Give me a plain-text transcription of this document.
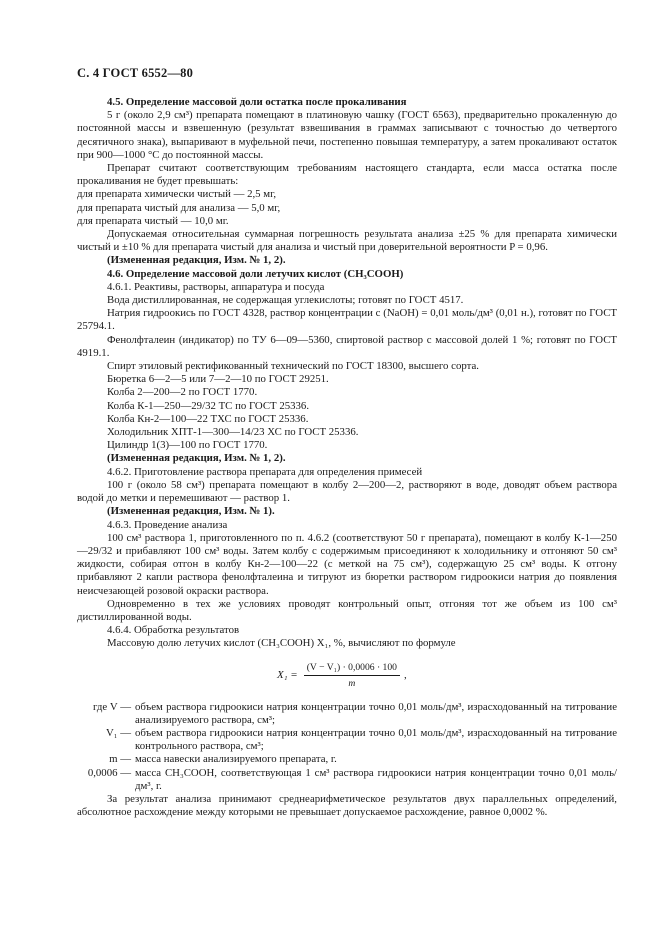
С. 4 ГОСТ 6552—80

4.5. Определение массовой доли остатка после прокаливания

5 г (около 2,9 см³) препарата помещают в платиновую чашку (ГОСТ 6563), предварительно прокаленную до постоянной массы и взвешенную (результат взвешивания в граммах записывают с точностью до четвертого десятичного знака), выпаривают в муфельной печи, постепенно повышая температуру, а затем прокаливают остаток при 900—1000 °С до постоянной массы.

Препарат считают соответствующим требованиям настоящего стандарта, если масса остатка после прокаливания не будет превышать:

для препарата химически чистый — 2,5 мг,

для препарата чистый для анализа — 5,0 мг,

для препарата чистый — 10,0 мг.

Допускаемая относительная суммарная погрешность результата анализа ±25 % для препарата химически чистый и ±10 % для препарата чистый для анализа и чистый при доверительной вероятности P = 0,96.

(Измененная редакция, Изм. № 1, 2).

4.6. Определение массовой доли летучих кислот (CH₃COOH)

4.6.1. Реактивы, растворы, аппаратура и посуда

Вода дистиллированная, не содержащая углекислоты; готовят по ГОСТ 4517.

Натрия гидроокись по ГОСТ 4328, раствор концентрации c (NaOH) = 0,01 моль/дм³ (0,01 н.), готовят по ГОСТ 25794.1.

Фенолфталеин (индикатор) по ТУ 6—09—5360, спиртовой раствор с массовой долей 1 %; готовят по ГОСТ 4919.1.

Спирт этиловый ректификованный технический по ГОСТ 18300, высшего сорта.

Бюретка 6—2—5 или 7—2—10 по ГОСТ 29251.

Колба 2—200—2 по ГОСТ 1770.

Колба К-1—250—29/32 ТС по ГОСТ 25336.

Колба Кн-2—100—22 ТХС по ГОСТ 25336.

Холодильник ХПТ-1—300—14/23 ХС по ГОСТ 25336.

Цилиндр 1(3)—100 по ГОСТ 1770.

(Измененная редакция, Изм. № 1, 2).

4.6.2. Приготовление раствора препарата для определения примесей

100 г (около 58 см³) препарата помещают в колбу 2—200—2, растворяют в воде, доводят объем раствора водой до метки и перемешивают — раствор 1.

(Измененная редакция, Изм. № 1).

4.6.3. Проведение анализа

100 см³ раствора 1, приготовленного по п. 4.6.2 (соответствуют 50 г препарата), помещают в колбу К-1—250—29/32 и прибавляют 100 см³ воды. Затем колбу с содержимым присоединяют к холодильнику и отгоняют 50 см³ жидкости, собирая отгон в колбу Кн-2—100—22 (с меткой на 75 см³), содержащую 25 см³ воды. К отгону прибавляют 2 капли раствора фенолфталеина и титруют из бюретки раствором гидроокиси натрия до появления неисчезающей розовой окраски раствора.

Одновременно в тех же условиях проводят контрольный опыт, отгоняя тот же объем из 100 см³ дистиллированной воды.

4.6.4. Обработка результатов

Массовую долю летучих кислот (CH₃COOH) X₁, %, вычисляют по формуле

$X_1 = \frac{\text{(V − V₁) · 0,0006 · 100}}{m}$ ,
где V — объем раствора гидроокиси натрия концентрации точно 0,01 моль/дм³, израсходованный на титрование анализируемого раствора, см³;
V₁ — объем раствора гидроокиси натрия концентрации точно 0,01 моль/дм³, израсходованный на титрование контрольного раствора, см³;
m — масса навески анализируемого препарата, г.
0,0006 — масса CH₃COOH, соответствующая 1 см³ раствора гидроокиси натрия концентрации точно 0,01 моль/дм³, г.

За результат анализа принимают среднеарифметическое результатов двух параллельных определений, абсолютное расхождение между которыми не превышает допускаемое расхождение, равное 0,0002 %.
